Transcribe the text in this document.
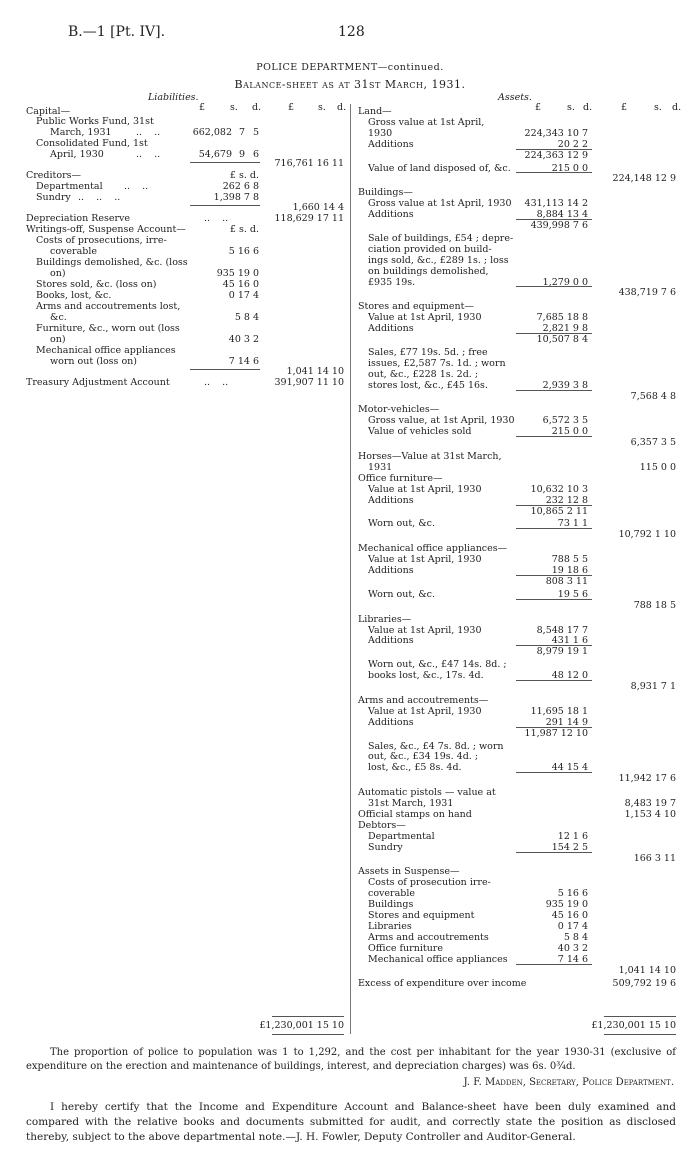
B.—1 [Pt. IV].	128
POLICE DEPARTMENT—continued.
Balance-sheet as at 31st March, 1931.
Liabilities.
£	s. d.	£	s. d.
Capital—
Public Works Fund, 31st
March, 1931	..    ..	662,082 7 5
Consolidated Fund, 1st
April, 1930	..    ..	54,679 9 6
716,761 16 11
Creditors—	£ s. d.
Departmental ..    ..	262 6 8
Sundry ..    ..    ..	1,398 7 8
1,660 14 4
Depreciation Reserve	..    ..	118,629 17 11
Writings-off, Suspense Account—	£ s. d.
Costs of prosecutions, irre-
coverable	5 16 6
Buildings demolished, &c. (loss
on)	935 19 0
Stores sold, &c. (loss on)	45 16 0
Books, lost, &c.	0 17 4
Arms and accoutrements lost,
&c.	5 8 4
Furniture, &c., worn out (loss
on)	40 3 2
Mechanical office appliances
worn out (loss on)	7 14 6
1,041 14 10
Treasury Adjustment Account	..    ..	391,907 11 10
£1,230,001 15 10
Assets.
£	s. d.	£	s. d.
Land—
Gross value at 1st April,
1930	224,343 10 7
Additions	20 2 2
224,363 12 9
Value of land disposed of, &c.	215 0 0
224,148 12 9
Buildings—
Gross value at 1st April, 1930 431,113 14 2
Additions	8,884 13 4
439,998 7 6
Sale of buildings, £54 ; depre-
ciation provided on build-
ings sold, &c., £289 1s. ; loss
on buildings demolished,
£935 19s.	1,279 0 0
438,719 7 6
Stores and equipment—
Value at 1st April, 1930	7,685 18 8
Additions	2,821 9 8
10,507 8 4
Sales, £77 19s. 5d. ; free
issues, £2,587 7s. 1d. ; worn
out, &c., £228 1s. 2d. ;
stores lost, &c., £45 16s.	2,939 3 8
7,568 4 8
Motor-vehicles—
Gross value, at 1st April, 1930	6,572 3 5
Value of vehicles sold	215 0 0
6,357 3 5
Horses—Value at 31st March,
1931	115 0 0
Office furniture—
Value at 1st April, 1930	10,632 10 3
Additions	232 12 8
10,865 2 11
Worn out, &c.	73 1 1
10,792 1 10
Mechanical office appliances—
Value at 1st April, 1930	788 5 5
Additions	19 18 6
808 3 11
Worn out, &c.	19 5 6
788 18 5
Libraries—
Value at 1st April, 1930	8,548 17 7
Additions	431 1 6
8,979 19 1
Worn out, &c., £47 14s. 8d. ;
books lost, &c., 17s. 4d.	48 12 0
8,931 7 1
Arms and accoutrements—
Value at 1st April, 1930	11,695 18 1
Additions	291 14 9
11,987 12 10
Sales, &c., £4 7s. 8d. ; worn
out, &c., £34 19s. 4d. ;
lost, &c., £5 8s. 4d.	44 15 4
11,942 17 6
Automatic pistols — value at
31st March, 1931	8,483 19 7
Official stamps on hand	1,153 4 10
Debtors—
Departmental	12 1 6
Sundry	154 2 5
166 3 11
Assets in Suspense—
Costs of prosecution irre-
coverable	5 16 6
Buildings	935 19 0
Stores and equipment	45 16 0
Libraries	0 17 4
Arms and accoutrements	5 8 4
Office furniture	40 3 2
Mechanical office appliances	7 14 6
1,041 14 10
Excess of expenditure over income	509,792 19 6
£1,230,001 15 10
The proportion of police to population was 1 to 1,292, and the cost per inhabitant for the year 1930-31 (exclusive of expenditure on the erection and maintenance of buildings, interest, and depreciation charges) was 6s. 0¾d.
J. F. Madden, Secretary, Police Department.
I hereby certify that the Income and Expenditure Account and Balance-sheet have been duly examined and compared with the relative books and documents submitted for audit, and correctly state the position as disclosed thereby, subject to the above departmental note.—J. H. Fowler, Deputy Controller and Auditor-General.
